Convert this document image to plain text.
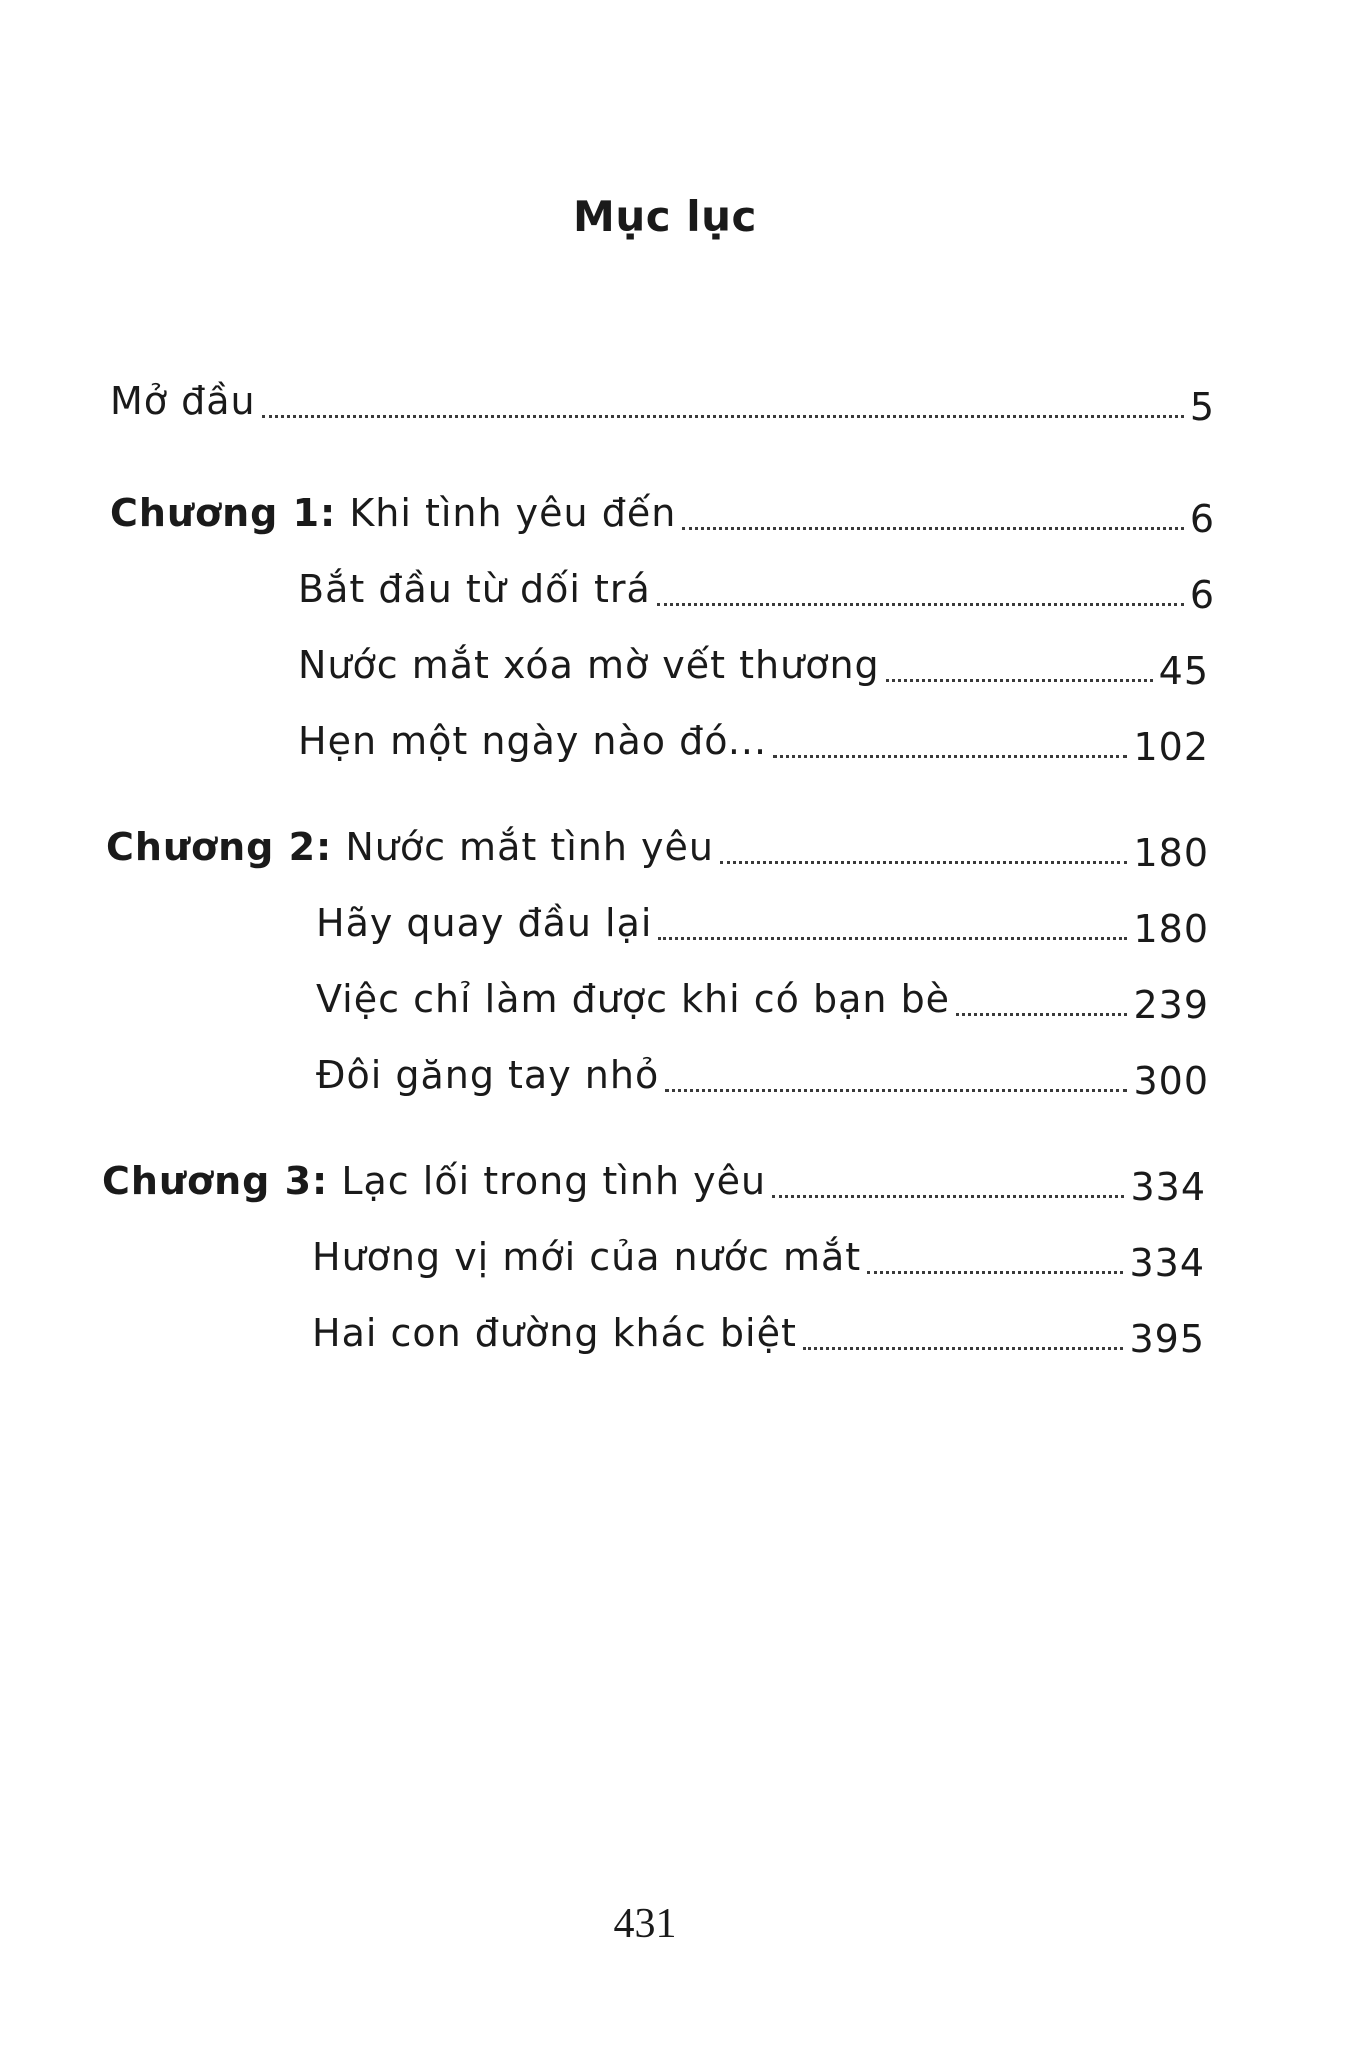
Mục lục
Mở đầu	5
Chương 1: Khi tình yêu đến	6
Bắt đầu từ dối trá	6
Nước mắt xóa mờ vết thương	45
Hẹn một ngày nào đó...	102
Chương 2: Nước mắt tình yêu	180
Hãy quay đầu lại	180
Việc chỉ làm được khi có bạn bè	239
Đôi găng tay nhỏ	300
Chương 3: Lạc lối trong tình yêu	334
Hương vị mới của nước mắt	334
Hai con đường khác biệt	395
431
